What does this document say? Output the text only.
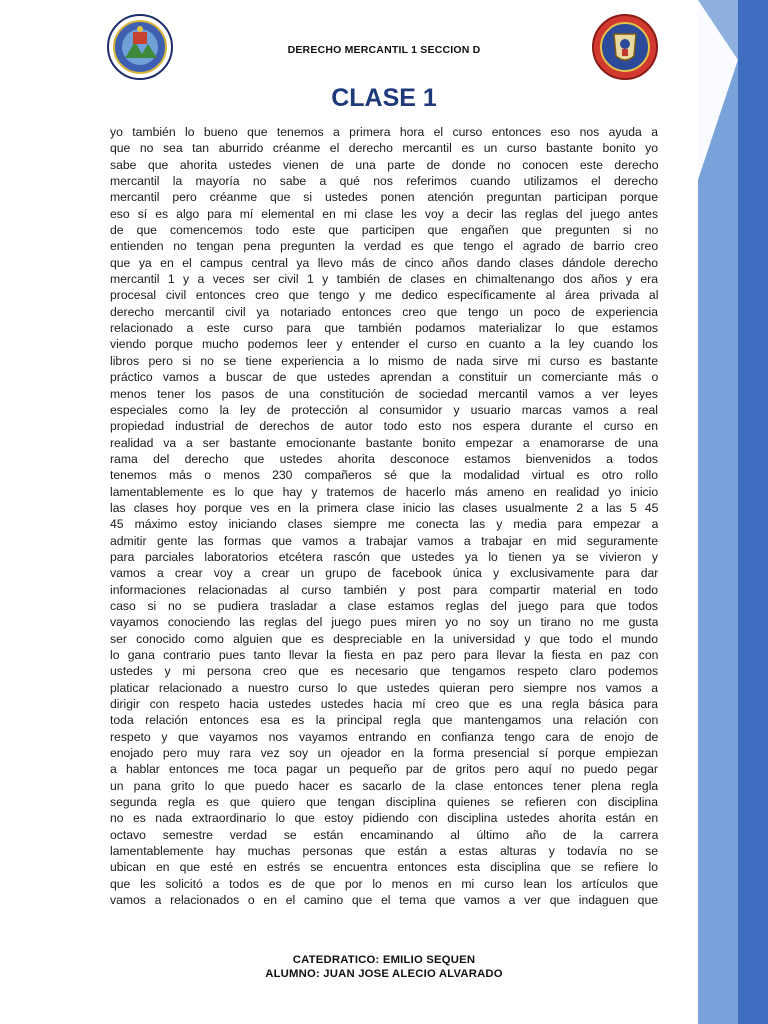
DERECHO MERCANTIL 1 SECCION D
CLASE 1
yo también lo bueno que tenemos a primera hora el curso entonces eso nos ayuda a
que no sea tan aburrido créanme el derecho mercantil es un curso bastante bonito yo
sabe que ahorita ustedes vienen de una parte de donde no conocen este derecho
mercantil la mayoría no sabe a qué nos referimos cuando utilizamos el derecho
mercantil pero créanme que si ustedes ponen atención preguntan participan porque
eso sí es algo para mí elemental en mi clase les voy a decir las reglas del juego antes
de que comencemos todo este que participen que engañen que pregunten si no
entienden no tengan pena pregunten la verdad es que tengo el agrado de barrio creo
que ya en el campus central ya llevo más de cinco años dando clases dándole derecho
mercantil 1 y a veces ser civil 1 y también de clases en chimaltenango dos años y era
procesal civil entonces creo que tengo y me dedico específicamente al área privada al
derecho mercantil civil ya notariado entonces creo que tengo un poco de experiencia
relacionado a este curso para que también podamos materializar lo que estamos
viendo porque mucho podemos leer y entender el curso en cuanto a la ley cuando los
libros pero si no se tiene experiencia a lo mismo de nada sirve mi curso es bastante
práctico vamos a buscar de que ustedes aprendan a constituir un comerciante más o
menos tener los pasos de una constitución de sociedad mercantil vamos a ver leyes
especiales como la ley de protección al consumidor y usuario marcas vamos a real
propiedad industrial de derechos de autor todo esto nos espera durante el curso en
realidad va a ser bastante emocionante bastante bonito empezar a enamorarse de una
rama del derecho que ustedes ahorita desconoce estamos bienvenidos a todos
tenemos más o menos 230 compañeros sé que la modalidad virtual es otro rollo
lamentablemente es lo que hay y tratemos de hacerlo más ameno en realidad yo inicio
las clases hoy porque ves en la primera clase inicio las clases usualmente 2 a las 5 45
45 máximo estoy iniciando clases siempre me conecta las y media para empezar a
admitir gente las formas que vamos a trabajar vamos a trabajar en mid seguramente
para parciales laboratorios etcétera rascón que ustedes ya lo tienen ya se vivieron y
vamos a crear voy a crear un grupo de facebook única y exclusivamente para dar
informaciones relacionadas al curso también y post para compartir material en todo
caso si no se pudiera trasladar a clase estamos reglas del juego para que todos
vayamos conociendo las reglas del juego pues miren yo no soy un tirano no me gusta
ser conocido como alguien que es despreciable en la universidad y que todo el mundo
lo gana contrario pues tanto llevar la fiesta en paz pero para llevar la fiesta en paz con
ustedes y mi persona creo que es necesario que tengamos respeto claro podemos
platicar relacionado a nuestro curso lo que ustedes quieran pero siempre nos vamos a
dirigir con respeto hacia ustedes ustedes hacia mí creo que es una regla básica para
toda relación entonces esa es la principal regla que mantengamos una relación con
respeto y que vayamos nos vayamos entrando en confianza tengo cara de enojo de
enojado pero muy rara vez soy un ojeador en la forma presencial sí porque empiezan
a hablar entonces me toca pagar un pequeño par de gritos pero aquí no puedo pegar
un pana grito lo que puedo hacer es sacarlo de la clase entonces tener plena regla
segunda regla es que quiero que tengan disciplina quienes se refieren con disciplina
no es nada extraordinario lo que estoy pidiendo con disciplina ustedes ahorita están en
octavo semestre verdad se están encaminando al último año de la carrera
lamentablemente hay muchas personas que están a estas alturas y todavía no se
ubican en que esté en estrés se encuentra entonces esta disciplina que se refiere lo
que les solicitó a todos es de que por lo menos en mi curso lean los artículos que
vamos a relacionados o en el camino que el tema que vamos a ver que indaguen que
CATEDRATICO: EMILIO SEQUEN
ALUMNO: JUAN JOSE ALECIO ALVARADO
